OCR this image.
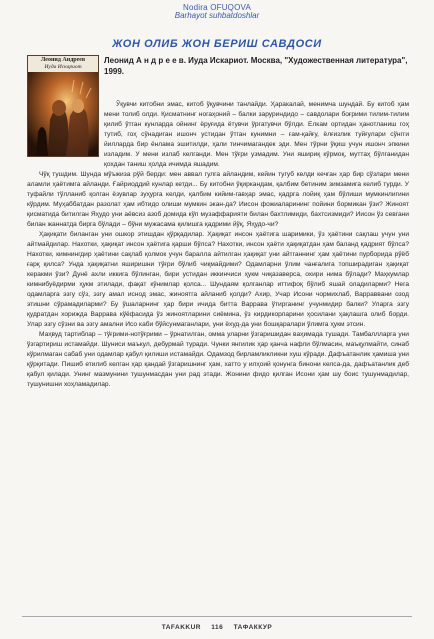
Nodira OFUQOVA
Barhayot suhbatdoshlar
ЖОН ОЛИБ ЖОН БЕРИШ САВДОСИ
Леонид Андреев
Иуда Искариот
Леонид А н д р е е в. Иуда Искариот. Москва, "Художественная литература", 1999.

Ўқувчи китобни эмас, китоб ўқувчини танлайди. Ҳаракалай, менимча шундай. Бу китоб ҳам мени толиб олди. Қисматнинг ногаҳоний – балки заруриндидо – савдолари боғрими тилим-тилим қилиб ўтган кунларда ойнинг ёруғида ётувчи ўргатувчи бўлди. Елкам ортидан ҳанотланиш гоҳ тутиб, гоҳ сўнадиган ишонч устидан ўтган кунимни – ғам-қайғу, ёлғизлик туйғулари сўнгги йилларда бир ёнлама эшитилди, ҳали тинчимагандек эди. Мен тўрни ўқиш учун ишонч эпкини изладим. У мени излаб келганди. Мен тўғри узмадим. Уни яшириқ кўрмоқ, муттаҳ бўлганидан қохдан таниш ҳолда ичимда яшадим.

Чўқ тушдим. Шунда мўъжиза рўй берди: мен аввал гулга айландим, кейин тугуб келди кечган ҳар бир сўзлари мени аламли ҳаётимга айланди. Ғайриоддий кунлар кетди... Бу китобни ўқиркандам, қалбим бетиним зимзамига келиб турди. У туфайли тўлланиб қолган ёзувлар зуҳурга келди, қалбим кийим-гавҳар эмас, қадрга лойиқ ҳам бўлиши мумкинлигини кўрдим. Муҳаббатдан разолат ҳам ибтидо олиши мумкин экан-да? Иисон фожиаларининг пойини бормикан ўзи? Жиноят қисматида битилган Яҳудо уни аёвсиз азоб домида кўп музаффарияти билан бахтлимиди, бахтсизмиди? Иисон ўз севгани билан жаннатда бирга бўлади – бўни мужасама қилишга қадрими йўқ, Яҳудо-чи?

Ҳақиқати биланган уни ошкор этишдан қўрқадилар. Ҳақиқат инсон ҳаётига шаримики, ўз ҳаётини сақлаш учун уни айтмайдилар. Нахотки, ҳақиқат инсон ҳаётига қарши бўлса? Нахотки, инсон ҳаёти ҳақиқатдан ҳам баланд қадрият бўлса? Нахотки, кимнингдир ҳаётини сақлаб қолмок учун бараллa айтилган ҳақиқат уни айтганнинг ҳам ҳаётини пурборида рўёб ғарқ қилса? Унда ҳақиқатни яширишни тўғри бўлиб чиқмайдими? Одамларни ўлим чанғалига топширадиган ҳақиқат керакми ўзи? Дунё ахли иккига бўлинган, бири устидан иккинчиси ҳукм чиқазаверса, охири нима бўлади? Маҳкумлар кимнибуёдирми ҳукм этилади, фақат кўнимлар қолса... Шундаям қолганлар иттифоқ бўлиб яшай оладиларми? Нега одамларга эзгу сўз, эзгу амал иснод эмас, жиноятга айланиб қолди? Ахир, Учар Исони чормихлаб, Варраввани озод этишни сўрамадиларми? Бу ўшаларнинг ҳар бири ичида битта Варрава ўтирганинг учунмидир балки? Уларга эзгу қудратдан хориждa Варрава кўёфасида ўз жиноятларини сиёмина, ўз кирдикорларини ҳосилани ҳақлашга олиб борди. Улар эзгу сўзни ва эзгу амални Исо каби бўйсунмаганлари, уни ёхуд-да уни бошқаралари ўлимга ҳукм этсин.

Маҳвуд тартиблар – тўғрими-нотўғрими – ўрнатилган, омма уларни ўзгаришидан ваҳимада тушади. Тамбаллларга уни ўзгартириш истамайди. Шуниси маъкул, дебурмай туради. Чунки янгилик ҳар қанча нафли бўлмасин, маъқулмайти, синаб кўрилмаган сабаб уни одамлар қабул қилиши истамайди. Одамзод бирламликликни хуш кўради. Дафъатанлик ҳамиша уни қўрқитади. Пишиб етилиб келган ҳар қандай ўзгаришнинг ҳам, хатто у илҳоий қонунга бинони келса-да, дафъатанлик деб қабул қилади. Унинг мазмунини тушунмасдан уни рад этади. Жонини фидо қилган Исони ҳам шу боис тушунмадилар, тушунишни хоҳламадилар.

TAFAKKUR 116 ТАФАККУР
